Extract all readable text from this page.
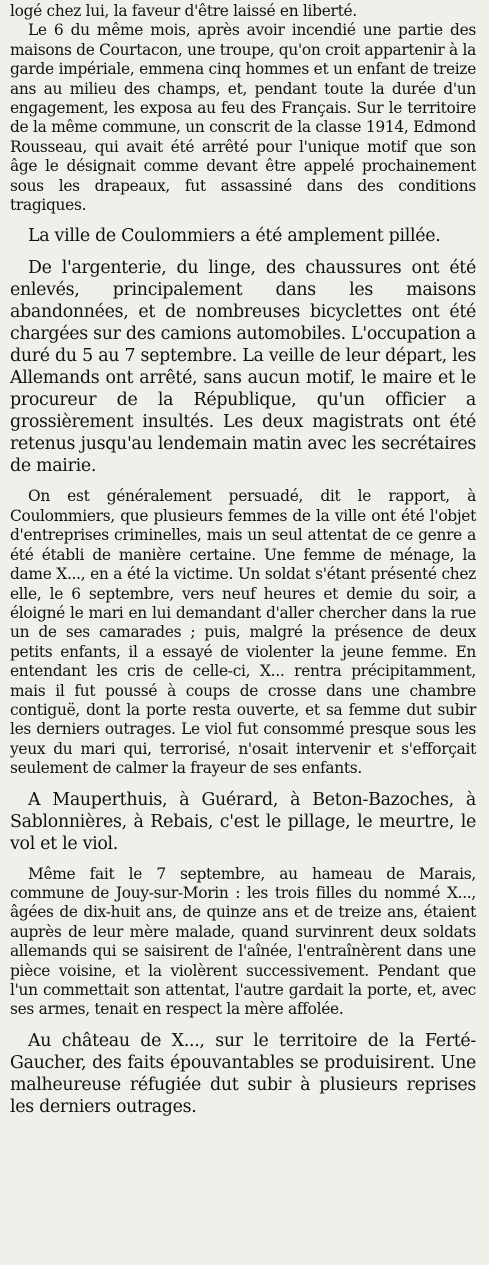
logé chez lui, la faveur d'être laissé en liberté.

Le 6 du même mois, après avoir incendié une partie des maisons de Courtacon, une troupe, qu'on croit appartenir à la garde impériale, emmena cinq hommes et un enfant de treize ans au milieu des champs, et, pendant toute la durée d'un engagement, les exposa au feu des Français. Sur le territoire de la même commune, un conscrit de la classe 1914, Edmond Rousseau, qui avait été arrêté pour l'unique motif que son âge le désignait comme devant être appelé prochainement sous les drapeaux, fut assassiné dans des conditions tragiques.

La ville de Coulommiers a été amplement pillée.

De l'argenterie, du linge, des chaussures ont été enlevés, principalement dans les maisons abandonnées, et de nombreuses bicyclettes ont été chargées sur des camions automobiles. L'occupation a duré du 5 au 7 septembre. La veille de leur départ, les Allemands ont arrêté, sans aucun motif, le maire et le procureur de la République, qu'un officier a grossièrement insultés. Les deux magistrats ont été retenus jusqu'au lendemain matin avec les secrétaires de mairie.

On est généralement persuadé, dit le rapport, à Coulommiers, que plusieurs femmes de la ville ont été l'objet d'entreprises criminelles, mais un seul attentat de ce genre a été établi de manière certaine. Une femme de ménage, la dame X..., en a été la victime. Un soldat s'étant présenté chez elle, le 6 septembre, vers neuf heures et demie du soir, a éloigné le mari en lui demandant d'aller chercher dans la rue un de ses camarades ; puis, malgré la présence de deux petits enfants, il a essayé de violenter la jeune femme. En entendant les cris de celle-ci, X... rentra précipitamment, mais il fut poussé à coups de crosse dans une chambre contiguë, dont la porte resta ouverte, et sa femme dut subir les derniers outrages. Le viol fut consommé presque sous les yeux du mari qui, terrorisé, n'osait intervenir et s'efforçait seulement de calmer la frayeur de ses enfants.

A Mauperthuis, à Guérard, à Beton-Bazoches, à Sablonnières, à Rebais, c'est le pillage, le meurtre, le vol et le viol.

Même fait le 7 septembre, au hameau de Marais, commune de Jouy-sur-Morin : les trois filles du nommé X..., âgées de dix-huit ans, de quinze ans et de treize ans, étaient auprès de leur mère malade, quand survinrent deux soldats allemands qui se saisirent de l'aînée, l'entraînèrent dans une pièce voisine, et la violèrent successivement. Pendant que l'un commettait son attentat, l'autre gardait la porte, et, avec ses armes, tenait en respect la mère affolée.

Au château de X..., sur le territoire de la Ferté-Gaucher, des faits épouvantables se produisirent. Une malheureuse réfugiée dut subir à plusieurs reprises les derniers outrages.
